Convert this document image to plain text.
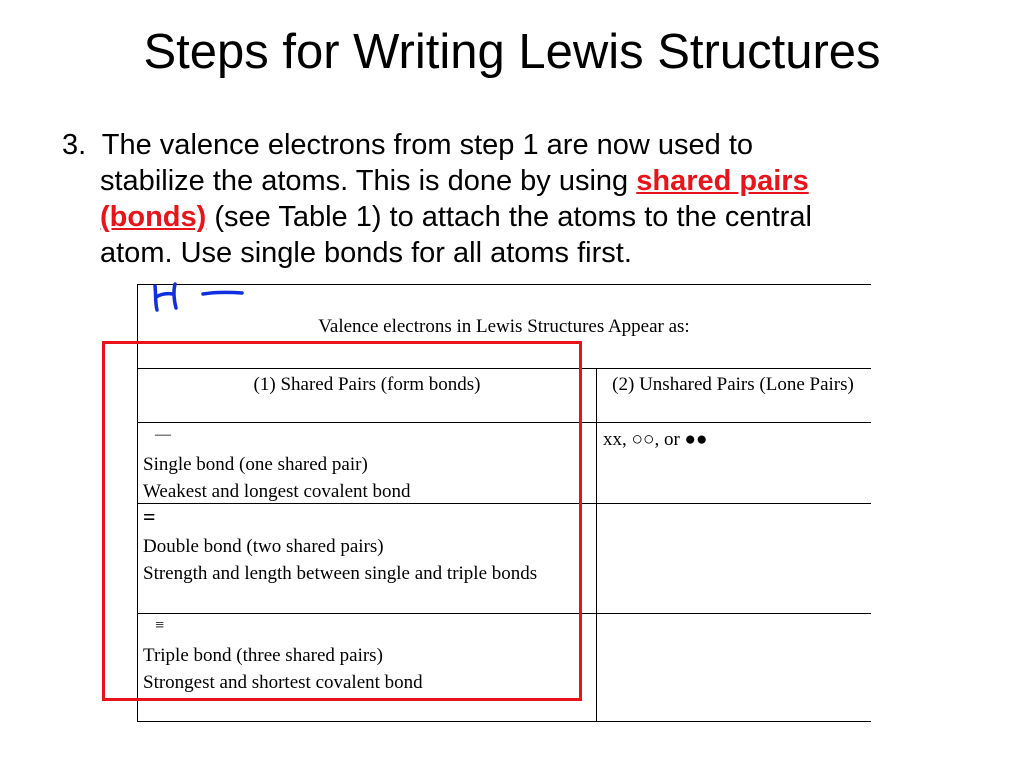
Steps for Writing Lewis Structures
3. The valence electrons from step 1 are now used to
stabilize the atoms. This is done by using shared pairs
(bonds) (see Table 1) to attach the atoms to the central
atom. Use single bonds for all atoms first.
Valence electrons in Lewis Structures Appear as:
(1) Shared Pairs (form bonds)	(2) Unshared Pairs (Lone Pairs)
—
Single bond (one shared pair)
Weakest and longest covalent bond
xx, ○○, or ●●
=
Double bond (two shared pairs)
Strength and length between single and triple bonds
≡
Triple bond (three shared pairs)
Strongest and shortest covalent bond
